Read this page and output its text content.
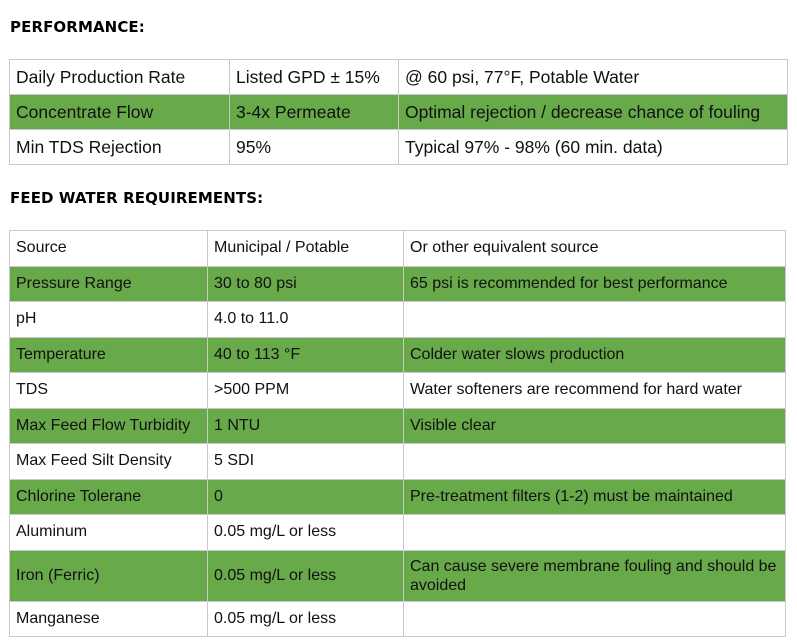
PERFORMANCE:
Daily Production Rate	Listed GPD ± 15%	@ 60 psi, 77°F, Potable Water
Concentrate Flow	3-4x Permeate	Optimal rejection / decrease chance of fouling
Min TDS Rejection	95%	Typical 97% - 98% (60 min. data)
FEED WATER REQUIREMENTS:
Source	Municipal / Potable	Or other equivalent source
Pressure Range	30 to 80 psi	65 psi is recommended for best performance
pH	4.0 to 11.0	
Temperature	40 to 113 °F	Colder water slows production
TDS	>500 PPM	Water softeners are recommend for hard water
Max Feed Flow Turbidity	1 NTU	Visible clear
Max Feed Silt Density	5 SDI	
Chlorine Tolerane	0	Pre-treatment filters (1-2) must be maintained
Aluminum	0.05 mg/L or less	
Iron (Ferric)	0.05 mg/L or less	Can cause severe membrane fouling and should be avoided
Manganese	0.05 mg/L or less	
